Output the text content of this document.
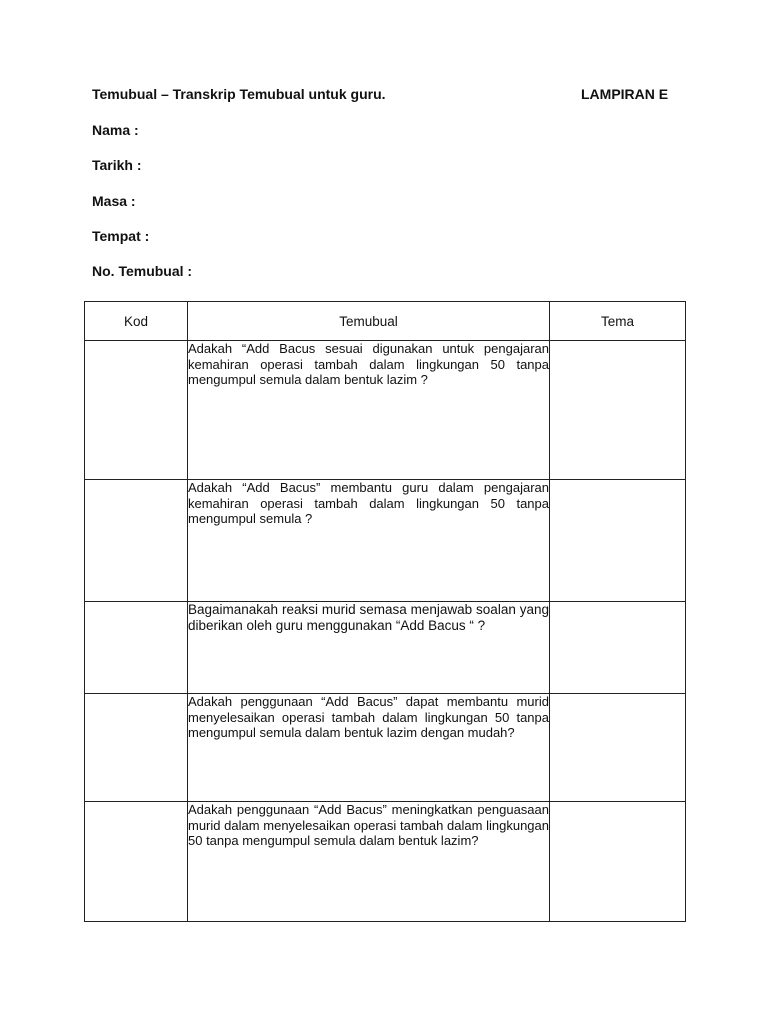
Temubual – Transkrip Temubual untuk guru.	LAMPIRAN E
Nama :
Tarikh :
Masa :
Tempat :
No. Temubual :
Kod	Temubual	Tema
	Adakah “Add Bacus sesuai digunakan untuk pengajaran kemahiran operasi tambah dalam lingkungan 50 tanpa mengumpul semula dalam bentuk lazim ?	
	Adakah “Add Bacus” membantu guru dalam pengajaran kemahiran operasi tambah dalam lingkungan 50 tanpa mengumpul semula ?	
	Bagaimanakah reaksi murid semasa menjawab soalan yang diberikan oleh guru menggunakan “Add Bacus “ ?	
	Adakah penggunaan “Add Bacus” dapat membantu murid menyelesaikan operasi tambah dalam lingkungan 50 tanpa mengumpul semula dalam bentuk lazim dengan mudah?	
	Adakah penggunaan “Add Bacus” meningkatkan penguasaan murid dalam menyelesaikan operasi tambah dalam lingkungan 50 tanpa mengumpul semula dalam bentuk lazim?	
